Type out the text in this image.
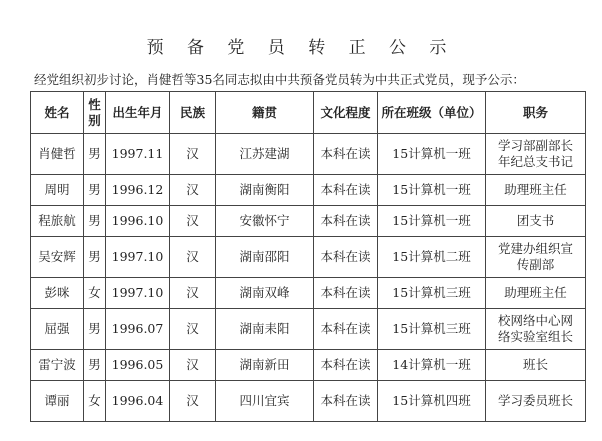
预 备 党 员 转 正 公 示
经党组织初步讨论，肖健哲等35名同志拟由中共预备党员转为中共正式党员，现予公示：
姓名	性别	出生年月	民族	籍贯	文化程度	所在班级（单位）	职务
肖健哲	男	1997.11	汉	江苏建湖	本科在读	15计算机一班	学习部副部长年纪总支书记
周明	男	1996.12	汉	湖南衡阳	本科在读	15计算机一班	助理班主任
程旅航	男	1996.10	汉	安徽怀宁	本科在读	15计算机一班	团支书
吴安辉	男	1997.10	汉	湖南邵阳	本科在读	15计算机二班	党建办组织宣传副部
彭咪	女	1997.10	汉	湖南双峰	本科在读	15计算机三班	助理班主任
屈强	男	1996.07	汉	湖南耒阳	本科在读	15计算机三班	校网络中心网络实验室组长
雷宁波	男	1996.05	汉	湖南新田	本科在读	14计算机一班	班长
谭丽	女	1996.04	汉	四川宜宾	本科在读	15计算机四班	学习委员班长
